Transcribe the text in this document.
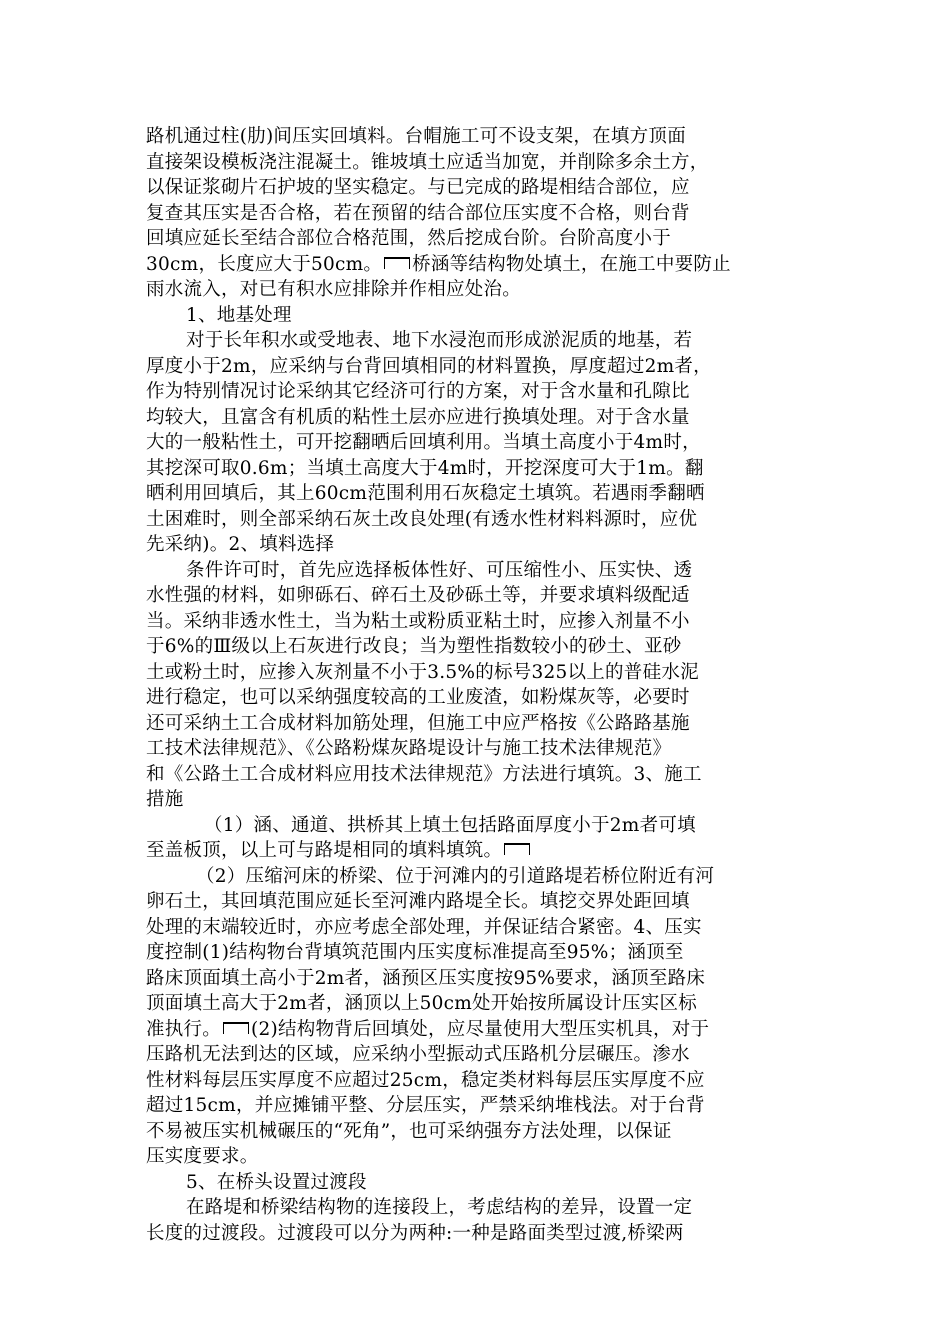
路机通过柱(肋)间压实回填料。台帽施工可不设支架，在填方顶面
直接架设模板浇注混凝土。锥坡填土应适当加宽，并削除多余土方，
以保证浆砌片石护坡的坚实稳定。与已完成的路堤相结合部位，应
复查其压实是否合格，若在预留的结合部位压实度不合格，则台背
回填应延长至结合部位合格范围，然后挖成台阶。台阶高度小于
30cm，长度应大于50cm。 桥涵等结构物处填土，在施工中要防止
雨水流入，对已有积水应排除并作相应处治。
1、地基处理
对于长年积水或受地表、地下水浸泡而形成淤泥质的地基，若
厚度小于2m，应采纳与台背回填相同的材料置换，厚度超过2m者，
作为特别情况讨论采纳其它经济可行的方案，对于含水量和孔隙比
均较大，且富含有机质的粘性土层亦应进行换填处理。对于含水量
大的一般粘性土，可开挖翻晒后回填利用。当填土高度小于4m时，
其挖深可取0.6m；当填土高度大于4m时，开挖深度可大于1m。翻
晒利用回填后，其上60cm范围利用石灰稳定土填筑。若遇雨季翻晒
土困难时，则全部采纳石灰土改良处理(有透水性材料料源时，应优
先采纳)。2、填料选择
条件许可时，首先应选择板体性好、可压缩性小、压实快、透
水性强的材料，如卵砾石、碎石土及砂砾土等，并要求填料级配适
当。采纳非透水性土，当为粘土或粉质亚粘土时，应掺入剂量不小
于6%的Ⅲ级以上石灰进行改良；当为塑性指数较小的砂土、亚砂
土或粉土时，应掺入灰剂量不小于3.5%的标号325以上的普硅水泥
进行稳定，也可以采纳强度较高的工业废渣，如粉煤灰等，必要时
还可采纳土工合成材料加筋处理，但施工中应严格按《公路路基施
工技术法律规范》、《公路粉煤灰路堤设计与施工技术法律规范》
和《公路土工合成材料应用技术法律规范》方法进行填筑。3、施工
措施
（1）涵、通道、拱桥其上填土包括路面厚度小于2m者可填
至盖板顶，以上可与路堤相同的填料填筑。
（2）压缩河床的桥梁、位于河滩内的引道路堤若桥位附近有河
卵石土，其回填范围应延长至河滩内路堤全长。填挖交界处距回填
处理的末端较近时，亦应考虑全部处理，并保证结合紧密。4、压实
度控制(1)结构物台背填筑范围内压实度标准提高至95%；涵顶至
路床顶面填土高小于2m者，涵预区压实度按95%要求，涵顶至路床
顶面填土高大于2m者，涵顶以上50cm处开始按所属设计压实区标
准执行。 (2)结构物背后回填处，应尽量使用大型压实机具，对于
压路机无法到达的区域，应采纳小型振动式压路机分层碾压。渗水
性材料每层压实厚度不应超过25cm，稳定类材料每层压实厚度不应
超过15cm，并应摊铺平整、分层压实，严禁采纳堆栈法。对于台背
不易被压实机械碾压的“死角”，也可采纳强夯方法处理，以保证
压实度要求。
5、在桥头设置过渡段
在路堤和桥梁结构物的连接段上，考虑结构的差异，设置一定
长度的过渡段。过渡段可以分为两种:一种是路面类型过渡,桥梁两
